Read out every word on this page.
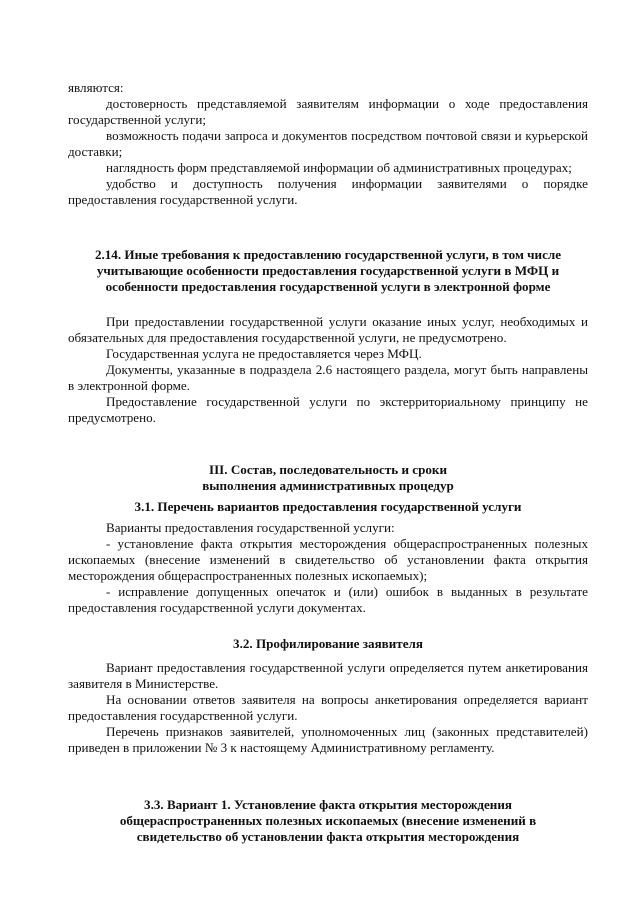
являются:

достоверность представляемой заявителям информации о ходе предоставления государственной услуги;

возможность подачи запроса и документов посредством почтовой связи и курьерской доставки;

наглядность форм представляемой информации об административных процедурах;

удобство и доступность получения информации заявителями о порядке предоставления государственной услуги.

2.14. Иные требования к предоставлению государственной услуги, в том числе учитывающие особенности предоставления государственной услуги в МФЦ и особенности предоставления государственной услуги в электронной форме

При предоставлении государственной услуги оказание иных услуг, необходимых и обязательных для предоставления государственной услуги, не предусмотрено.

Государственная услуга не предоставляется через МФЦ.

Документы, указанные в подраздела 2.6 настоящего раздела, могут быть направлены в электронной форме.

Предоставление государственной услуги по экстерриториальному принципу не предусмотрено.

III. Состав, последовательность и сроки выполнения административных процедур
3.1. Перечень вариантов предоставления государственной услуги

Варианты предоставления государственной услуги:

- установление факта открытия месторождения общераспространенных полезных ископаемых (внесение изменений в свидетельство об установлении факта открытия месторождения общераспространенных полезных ископаемых);

- исправление допущенных опечаток и (или) ошибок в выданных в результате предоставления государственной услуги документах.

3.2. Профилирование заявителя

Вариант предоставления государственной услуги определяется путем анкетирования заявителя в Министерстве.

На основании ответов заявителя на вопросы анкетирования определяется вариант предоставления государственной услуги.

Перечень признаков заявителей, уполномоченных лиц (законных представителей) приведен в приложении № 3 к настоящему Административному регламенту.

3.3. Вариант 1. Установление факта открытия месторождения общераспространенных полезных ископаемых (внесение изменений в свидетельство об установлении факта открытия месторождения
